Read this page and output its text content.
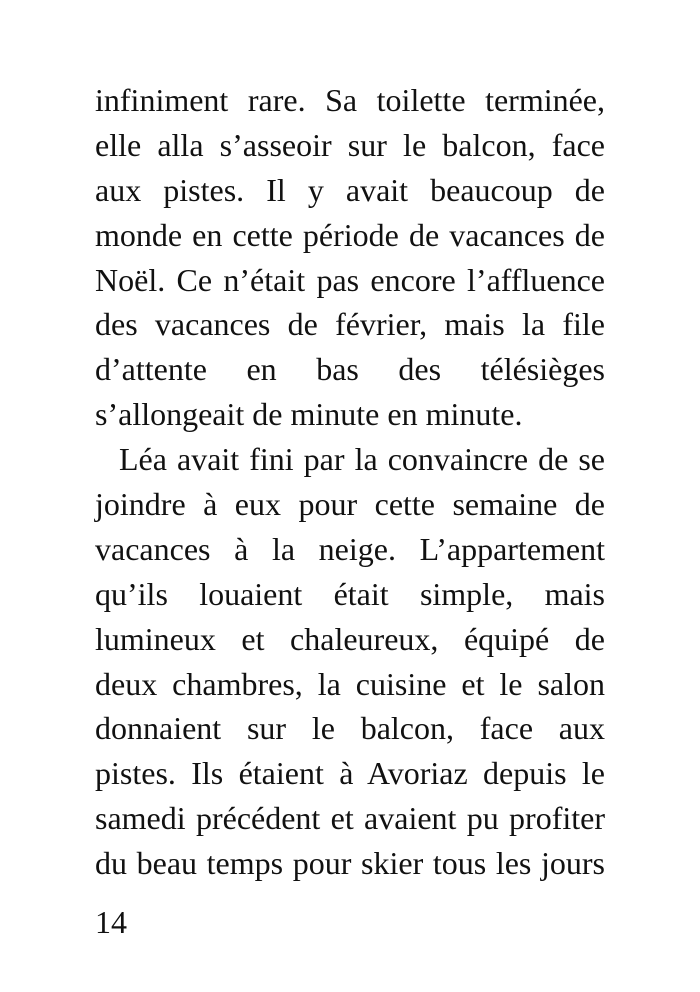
infiniment rare. Sa toilette terminée,
elle alla s’asseoir sur le balcon, face
aux pistes. Il y avait beaucoup de
monde en cette période de vacances de
Noël. Ce n’était pas encore l’affluence
des vacances de février, mais la file
d’attente en bas des télésièges
s’allongeait de minute en minute.
Léa avait fini par la convaincre de se
joindre à eux pour cette semaine de
vacances à la neige. L’appartement
qu’ils louaient était simple, mais
lumineux et chaleureux, équipé de
deux chambres, la cuisine et le salon
donnaient sur le balcon, face aux
pistes. Ils étaient à Avoriaz depuis le
samedi précédent et avaient pu profiter
du beau temps pour skier tous les jours
14
